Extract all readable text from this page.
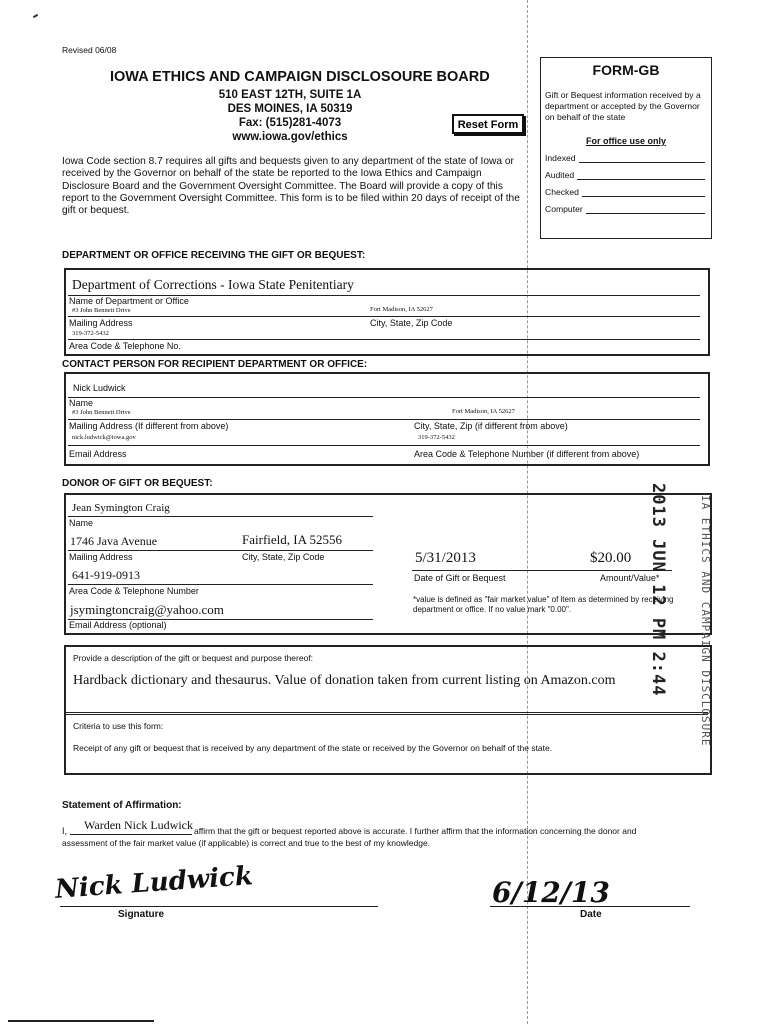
Revised 06/08
IOWA ETHICS AND CAMPAIGN DISCLOSOURE BOARD
510 EAST 12TH, SUITE 1A
DES MOINES, IA 50319
Fax: (515)281-4073
www.iowa.gov/ethics
Reset Form
Iowa Code section 8.7 requires all gifts and bequests given to any department of the state of Iowa or received by the Governor on behalf of the state be reported to the Iowa Ethics and Campaign Disclosure Board and the Government Oversight Committee. The Board will provide a copy of this report to the Government Oversight Committee. This form is to be filed within 20 days of receipt of the gift or bequest.
FORM-GB
Gift or Bequest information received by a department or accepted by the Governor on behalf of the state
For office use only
Indexed
Audited
Checked
Computer
DEPARTMENT OR OFFICE RECEIVING THE GIFT OR BEQUEST:
Department of Corrections - Iowa State Penitentiary
Name of Department or Office
#3 John Bennett Drive	Fort Madison, IA 52627
Mailing Address	City, State, Zip Code
319-372-5432
Area Code & Telephone No.
CONTACT PERSON FOR RECIPIENT DEPARTMENT OR OFFICE:
Nick Ludwick
Name
#3 John Bennett Drive	Fort Madison, IA 52627
Mailing Address (If different from above)	City, State, Zip (if different from above)
nick.ludwick@iowa.gov	319-372-5432
Email Address	Area Code & Telephone Number (if different from above)
DONOR OF GIFT OR BEQUEST:
Jean Symington Craig
Name
1746 Java Avenue	Fairfield, IA 52556
Mailing Address	City, State, Zip Code
641-919-0913
Area Code & Telephone Number
jsymingtoncraig@yahoo.com
Email Address (optional)
5/31/2013	$20.00
Date of Gift or Bequest	Amount/Value*
*value is defined as "fair market value" of item as determined by receiving department or office. If no value mark "0.00".
Provide a description of the gift or bequest and purpose thereof:
Hardback dictionary and thesaurus. Value of donation taken from current listing on Amazon.com
Criteria to use this form:
Receipt of any gift or bequest that is received by any department of the state or received by the Governor on behalf of the state.
Statement of Affirmation:
I, Warden Nick Ludwick affirm that the gift or bequest reported above is accurate. I further affirm that the information concerning the donor and
assessment of the fair market value (if applicable) is correct and true to the best of my knowledge.
Nick Ludwick
Signature
6/12/13
Date
2013 JUN 12 PM 2:44	IA ETHICS AND CAMPAIGN DISCLOSURE
